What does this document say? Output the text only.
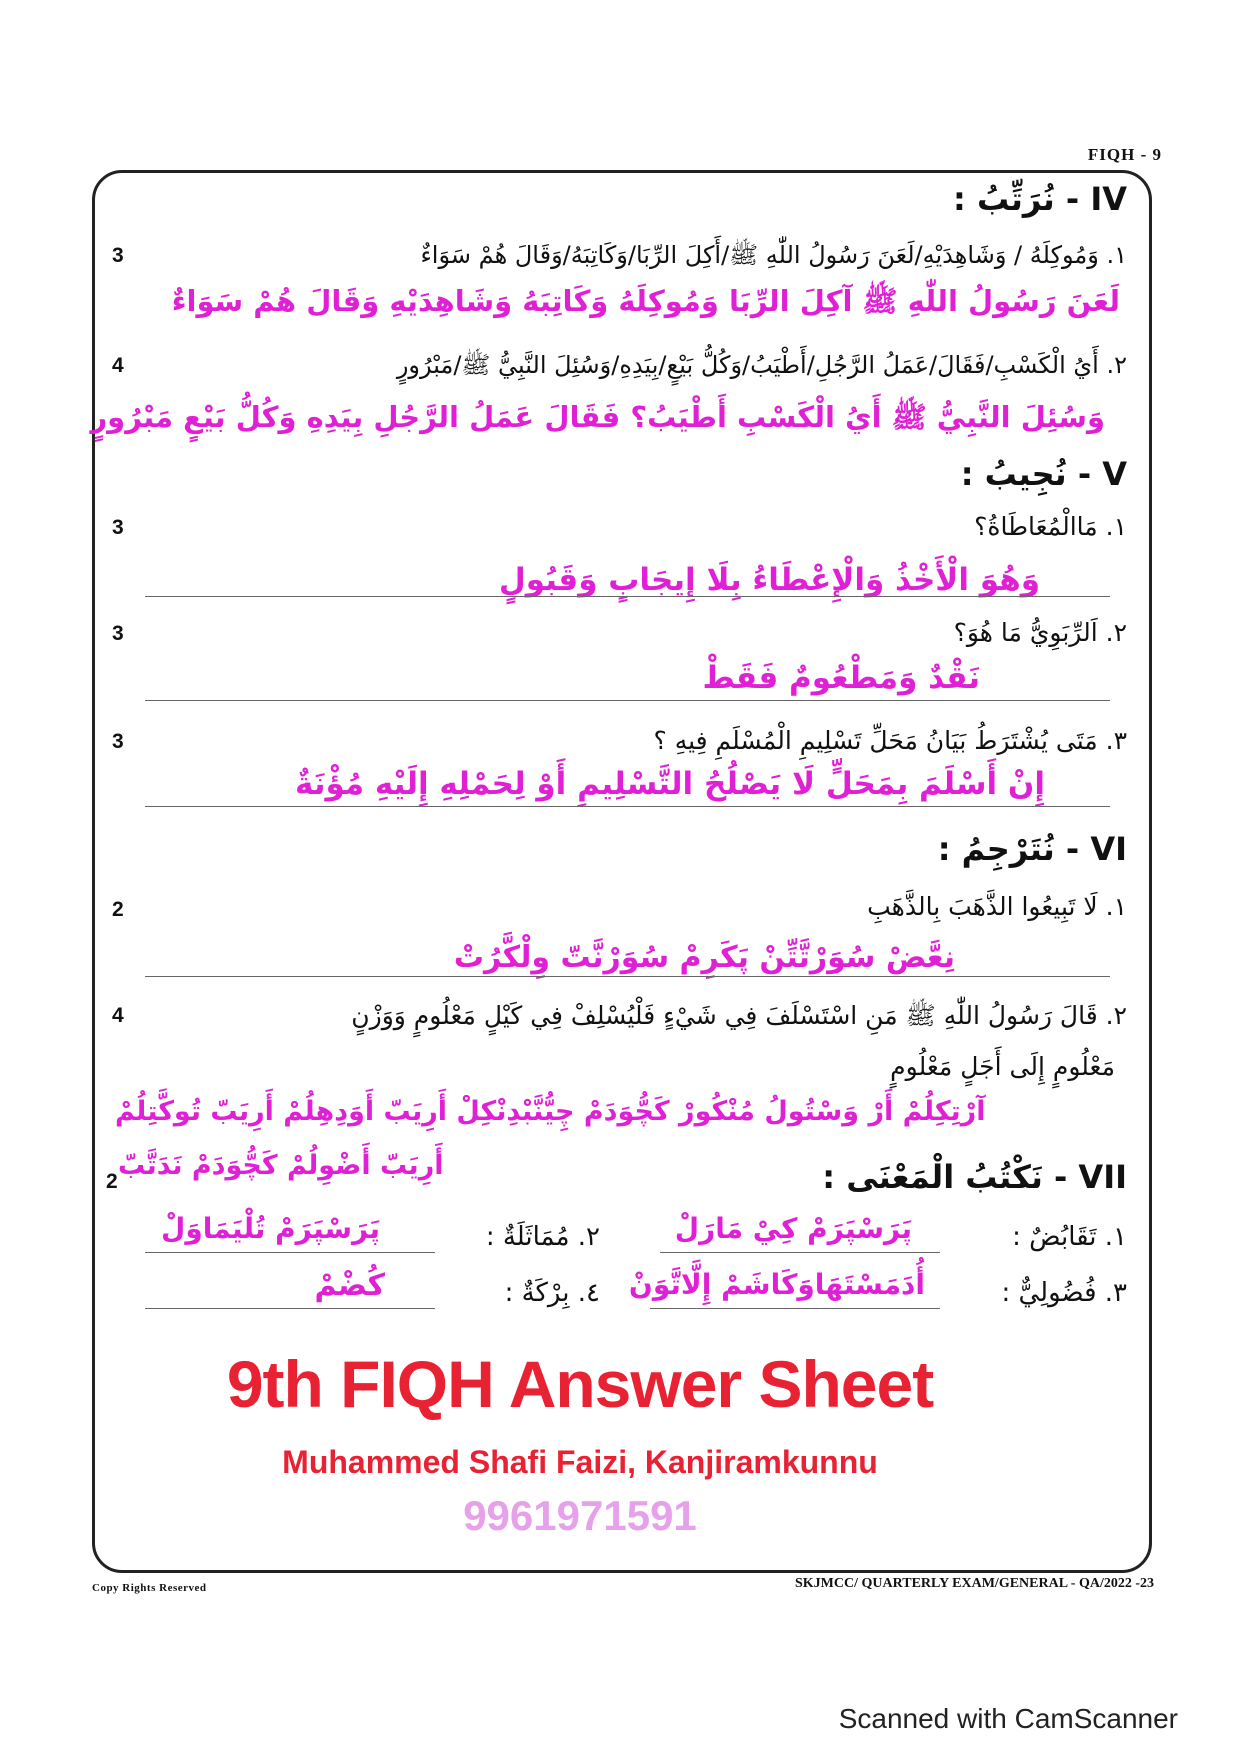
FIQH - 9
IV - نُرَتِّبُ :
١. وَمُوكِلَهُ / وَشَاهِدَيْهِ/لَعَنَ رَسُولُ اللّٰهِ ﷺ/أَكِلَ الرِّبَا/وَكَاتِبَهُ/وَقَالَ هُمْ سَوَاءٌ
3
لَعَنَ رَسُولُ اللّٰهِ ﷺ آكِلَ الرِّبَا وَمُوكِلَهُ وَكَاتِبَهُ وَشَاهِدَيْهِ وَقَالَ هُمْ سَوَاءٌ
٢. أَيُ الْكَسْبِ/فَقَالَ/عَمَلُ الرَّجُلِ/أَطْيَبُ/وَكُلُّ بَيْعٍ/بِيَدِهِ/وَسُئِلَ النَّبِيُّ ﷺ/مَبْرُورٍ
4
وَسُئِلَ النَّبِيُّ ﷺ أَيُ الْكَسْبِ أَطْيَبُ؟ فَقَالَ عَمَلُ الرَّجُلِ بِيَدِهِ وَكُلُّ بَيْعٍ مَبْرُورٍ
V - نُجِيبُ :
١. مَاالْمُعَاطَاةُ؟
3
وَهُوَ الْأَخْذُ وَالْإِعْطَاءُ بِلَا إِيجَابٍ وَقَبُولٍ
٢. اَلرِّبَوِيُّ مَا هُوَ؟
3
نَقْدٌ وَمَطْعُومٌ فَقَطْ
٣. مَتَى يُشْتَرَطُ بَيَانُ مَحَلِّ تَسْلِيمِ الْمُسْلَمِ فِيهِ ؟
3
إِنْ أَسْلَمَ بِمَحَلٍّ لَا يَصْلُحُ التَّسْلِيمِ أَوْ لِحَمْلِهِ إِلَيْهِ مُؤْنَةٌ
VI - نُتَرْجِمُ :
١. لَا تَبِيعُوا الذَّهَبَ بِالذَّهَبِ
2
نِعَّضْ سُوَرْتَّتِّنْ پَكَرِمْ سُوَرْنَّتّ وِلْكَّرُتْ
٢. قَالَ رَسُولُ اللّٰهِ ﷺ مَنِ اسْتَسْلَفَ فِي شَيْءٍ فَلْيُسْلِفْ فِي كَيْلٍ مَعْلُومٍ وَوَزْنٍ
4
مَعْلُومٍ إِلَى أَجَلٍ مَعْلُومٍ
آرْتِكِلُمْ أَرْ وَسْتُولُ مُنْكُورْ كَچُّوَدَمْ چِيُّنَّبْدِنْكِلْ أَرِيَبّ أَوَدِهِلُمْ أَرِيَبّ تُوكَّتِلُمْ
أَرِيَبّ أَضْوِلُمْ كَچُّوَدَمْ نَدَتَّبّ
2	VII - نَكْتُبُ الْمَعْنَى :
١. تَقَابُضٌ :
پَرَسْپَرَمْ كِيْ مَارَلْ
٢. مُمَاثَلَةٌ :
پَرَسْپَرَمْ تُلْيَمَاوَلْ
٣. فُضُولِيٌّ :
أُدَمَسْتَهَاوَكَاشَمْ إِلَّاتَّوَنْ
٤. بِرْكَةٌ :
كُضْمْ
9th FIQH Answer Sheet
Muhammed Shafi Faizi, Kanjiramkunnu
9961971591
Copy Rights Reserved	SKJMCC/ QUARTERLY EXAM/GENERAL - QA/2022 -23
Scanned with CamScanner
